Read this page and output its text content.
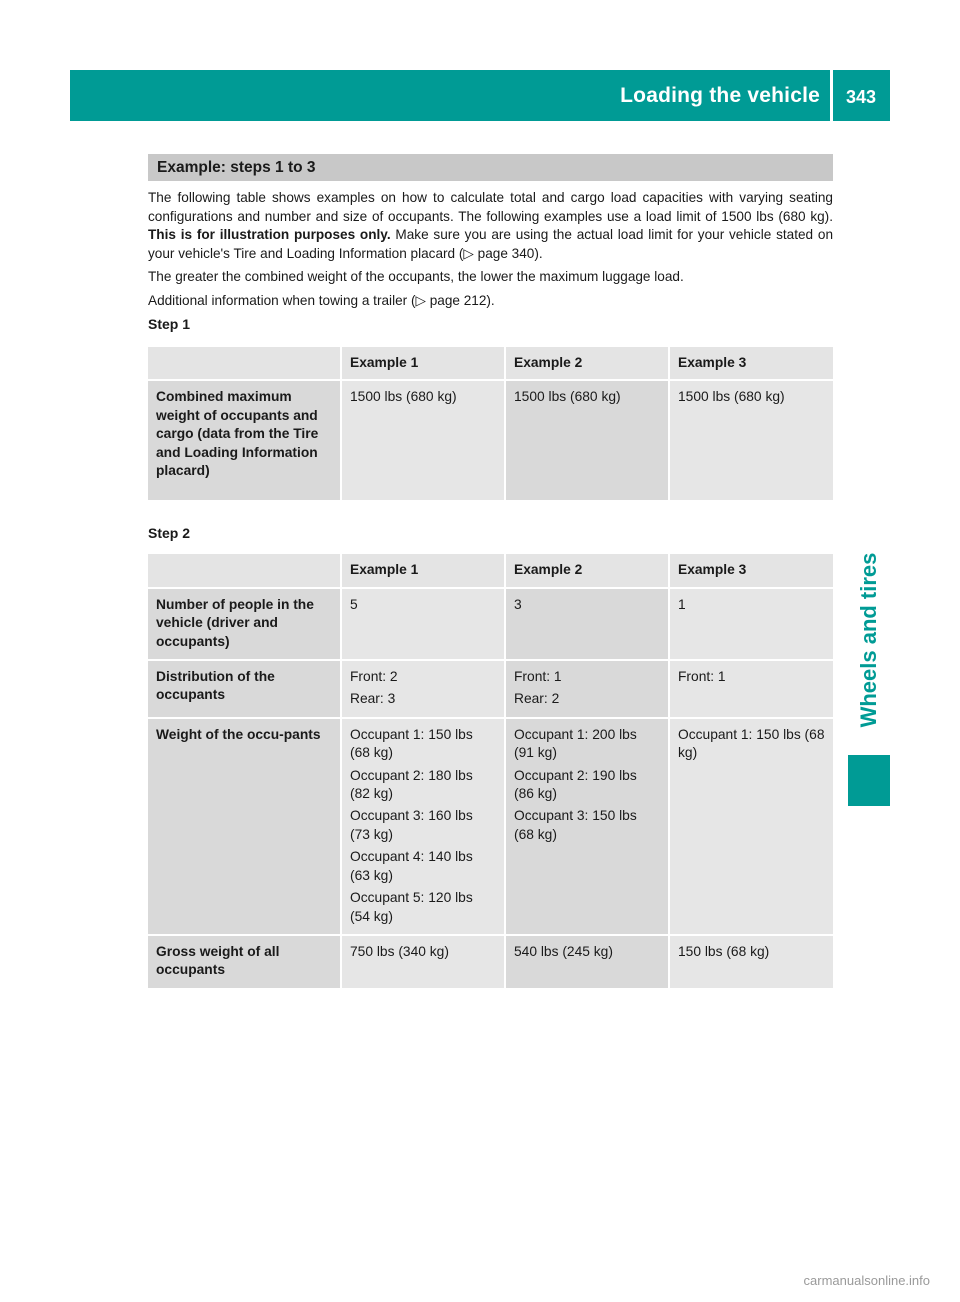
Loading the vehicle	343
Wheels and tires
Example: steps 1 to 3

The following table shows examples on how to calculate total and cargo load capacities with varying seating configurations and number and size of occupants. The following examples use a load limit of 1500 lbs (680 kg). This is for illustration purposes only. Make sure you are using the actual load limit for your vehicle stated on your vehicle's Tire and Loading Information placard (▷ page 340).

The greater the combined weight of the occupants, the lower the maximum luggage load.

Additional information when towing a trailer (▷ page 212).

Step 1

	Example 1	Example 2	Example 3
Combined maximum weight of occupants and cargo (data from the Tire and Loading Information placard)	1500 lbs (680 kg)	1500 lbs (680 kg)	1500 lbs (680 kg)

Step 2

	Example 1	Example 2	Example 3
Number of people in the vehicle (driver and occupants)	5	3	1

Distribution of the occupants	Front: 2
Rear: 3	Front: 1
Rear: 2	Front: 1

Weight of the occu-pants	Occupant 1: 150 lbs (68 kg)
Occupant 2: 180 lbs (82 kg)
Occupant 3: 160 lbs (73 kg)
Occupant 4: 140 lbs (63 kg)
Occupant 5: 120 lbs (54 kg)	Occupant 1: 200 lbs (91 kg)
Occupant 2: 190 lbs (86 kg)
Occupant 3: 150 lbs (68 kg)	Occupant 1: 150 lbs (68 kg)

Gross weight of all occupants	750 lbs (340 kg)	540 lbs (245 kg)	150 lbs (68 kg)
carmanualsonline.info
